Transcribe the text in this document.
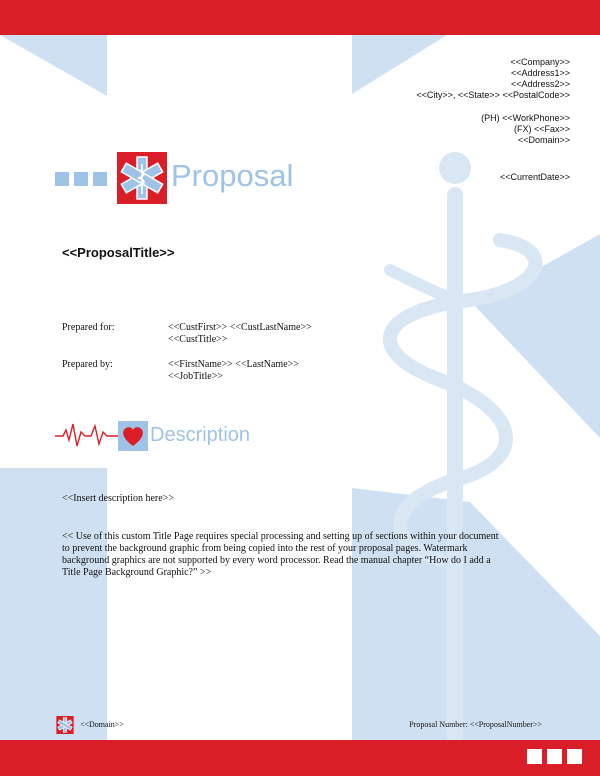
<<Company>>
<<Address1>>
<<Address2>>
<<City>>, <<State>> <<PostalCode>>
(PH) <<WorkPhone>>
(FX) <<Fax>>
<<Domain>>
<<CurrentDate>>
Proposal
<<ProposalTitle>>
Prepared for:	<<CustFirst>> <<CustLastName>>
<<CustTitle>>
Prepared by:	<<FirstName>> <<LastName>>
<<JobTitle>>
Description
<<Insert description here>>
<< Use of this custom Title Page requires special processing and setting up of sections within your document
to prevent the background graphic from being copied into the rest of your proposal pages. Watermark
background graphics are not supported by every word processor. Read the manual chapter “How do I add a
Title Page Background Graphic?” >>
<<Domain>>	Proposal Number: <<ProposalNumber>>
